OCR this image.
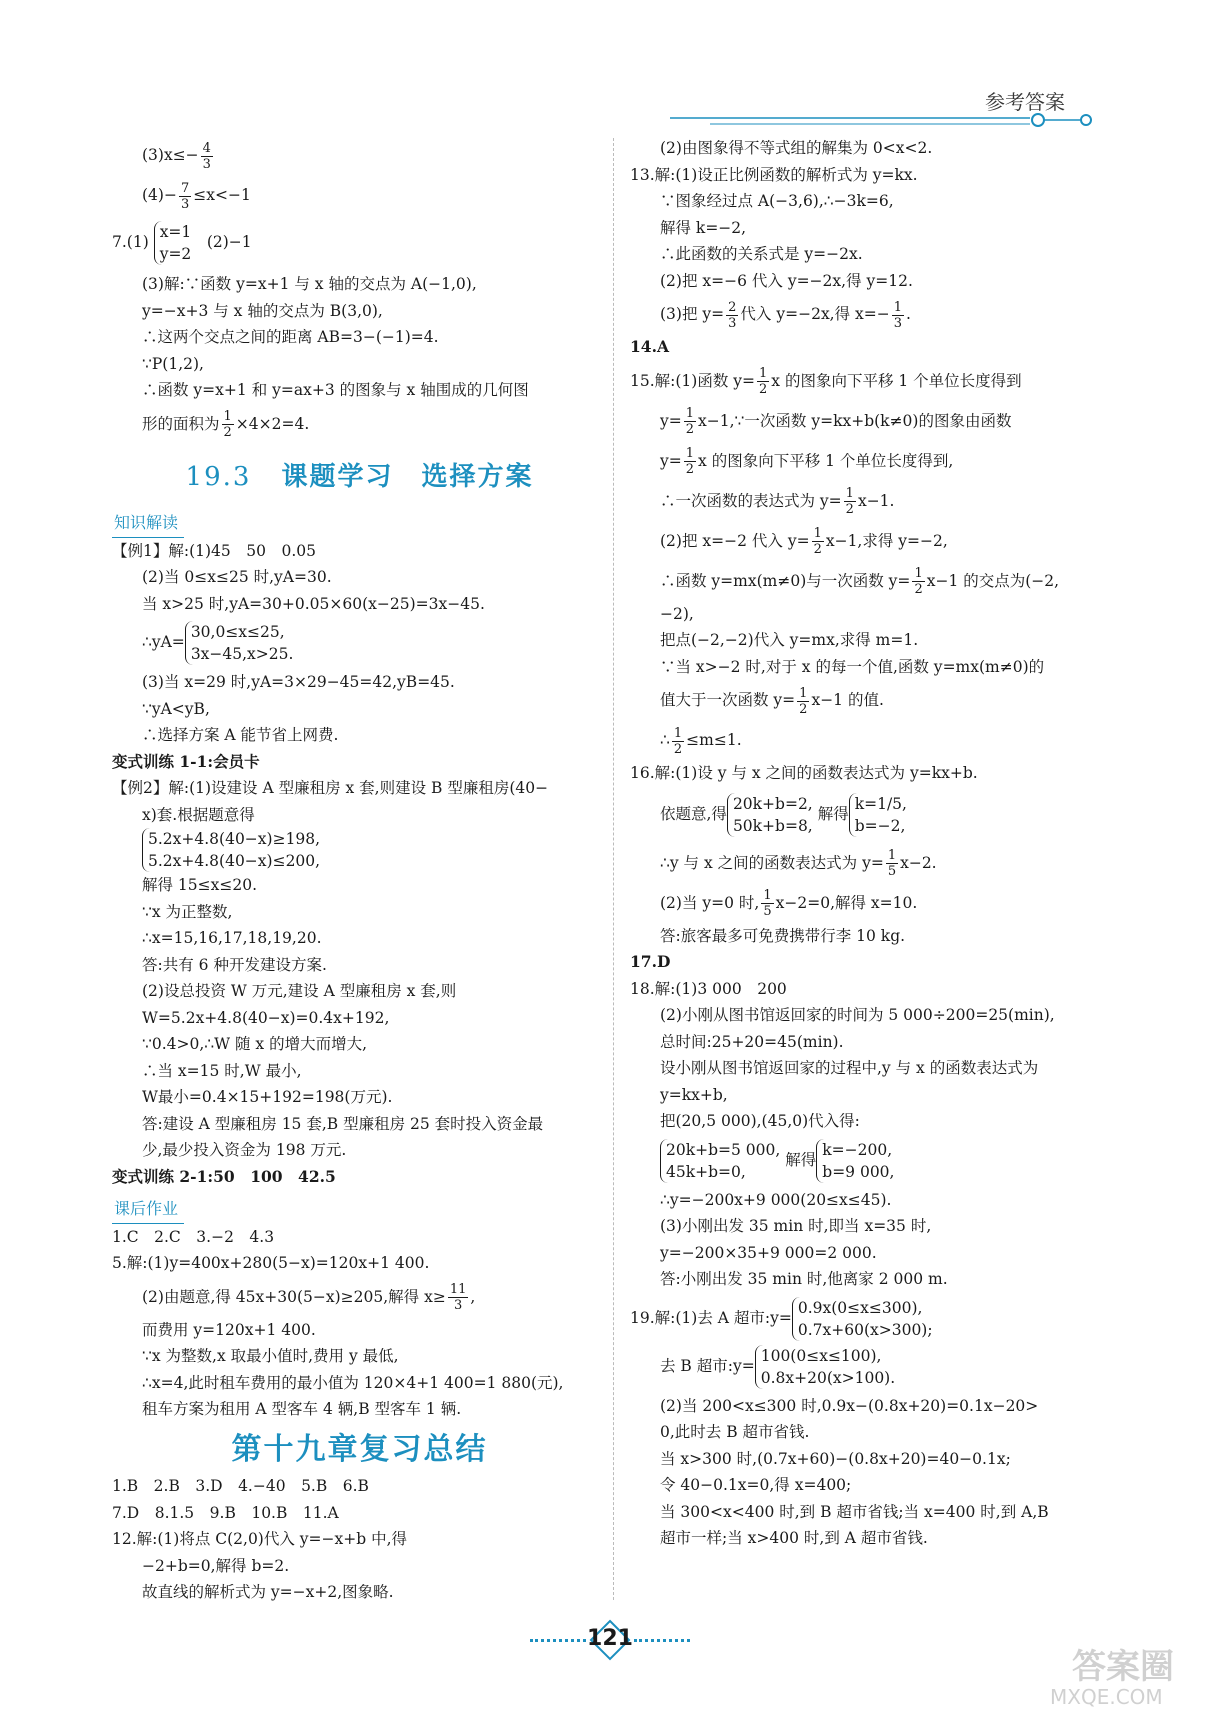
参考答案
$(3)x\le- \frac{4}{3}$
$(4)- \frac{7}{3} \le x<-1$
7.(1)
x=1
y=2
　(2)−1
(3)解:∵函数 y=x+1 与 x 轴的交点为 A(−1,0),
y=−x+3 与 x 轴的交点为 B(3,0),
∴这两个交点之间的距离 AB=3−(−1)=4.
∵P(1,2),
∴函数 y=x+1 和 y=ax+3 的图象与 x 轴围成的几何图
形的面积为 $\frac{1}{2} \times 4\times 2=4$.
19.3 课题学习　选择方案
知识解读
【例1】解:(1)45　50　0.05
(2)当 0≤x≤25 时,yA=30.
当 x>25 时,yA=30+0.05×60(x−25)=3x−45.
∴yA=
30,0≤x≤25,
3x−45,x>25.
(3)当 x=29 时,yA=3×29−45=42,yB=45.
∵yA<yB,
∴选择方案 A 能节省上网费.
变式训练 1-1:会员卡
【例2】解:(1)设建设 A 型廉租房 x 套,则建设 B 型廉租房(40−
x)套.根据题意得
5.2x+4.8(40−x)≥198,
5.2x+4.8(40−x)≤200,
解得 15≤x≤20.
∵x 为正整数,
∴x=15,16,17,18,19,20.
答:共有 6 种开发建设方案.
(2)设总投资 W 万元,建设 A 型廉租房 x 套,则
W=5.2x+4.8(40−x)=0.4x+192,
∵0.4>0,∴W 随 x 的增大而增大,
∴当 x=15 时,W 最小,
W最小=0.4×15+192=198(万元).
答:建设 A 型廉租房 15 套,B 型廉租房 25 套时投入资金最
少,最少投入资金为 198 万元.
变式训练 2-1:50　100　42.5
课后作业
1.C　2.C　3.−2　4.3
5.解:(1)y=400x+280(5−x)=120x+1 400.
(2)由题意,得 45x+30(5−x)≥205,解得 $x\ge \frac{11}{3}$ ,
而费用 y=120x+1 400.
∵x 为整数,x 取最小值时,费用 y 最低,
∴x=4,此时租车费用的最小值为 120×4+1 400=1 880(元),
租车方案为租用 A 型客车 4 辆,B 型客车 1 辆.
第十九章复习总结
1.B　2.B　3.D　4.−40　5.B　6.B
7.D　8.1.5　9.B　10.B　11.A
12.解:(1)将点 C(2,0)代入 y=−x+b 中,得
−2+b=0,解得 b=2.
故直线的解析式为 y=−x+2,图象略.
(2)由图象得不等式组的解集为 0<x<2.
13.解:(1)设正比例函数的解析式为 y=kx.
∵图象经过点 A(−3,6),∴−3k=6,
解得 k=−2,
∴此函数的关系式是 y=−2x.
(2)把 x=−6 代入 y=−2x,得 y=12.
(3)把 $y= \frac{2}{3}$ 代入 y=−2x,得 $x=- \frac{1}{3}$ .
14.A
15.解:(1)函数 $y= \frac{1}{2}$ x 的图象向下平移 1 个单位长度得到
$y= \frac{1}{2}$ x−1,∵一次函数 y=kx+b(k≠0)的图象由函数
$y= \frac{1}{2}$ x 的图象向下平移 1 个单位长度得到,
∴一次函数的表达式为 $y= \frac{1}{2} x-1$.
(2)把 x=−2 代入 $y= \frac{1}{2} x-1$,求得 y=−2,
∴函数 y=mx(m≠0)与一次函数 $y= \frac{1}{2} x-1$ 的交点为(−2,
−2),
把点(−2,−2)代入 y=mx,求得 m=1.
∵当 x>−2 时,对于 x 的每一个值,函数 y=mx(m≠0)的
值大于一次函数 $y= \frac{1}{2} x-1$ 的值.
∴ $\frac{1}{2} \le m\le 1$.
16.解:(1)设 y 与 x 之间的函数表达式为 y=kx+b.
依题意,得
20k+b=2,
50k+b=8,
解得
k=1/5,
b=−2,
∴y 与 x 之间的函数表达式为 $y= \frac{1}{5} x-2$.
(2)当 y=0 时, $\frac{1}{5} x-2=0$,解得 x=10.
答:旅客最多可免费携带行李 10 kg.
17.D
18.解:(1)3 000　200
(2)小刚从图书馆返回家的时间为 5 000÷200=25(min),
总时间:25+20=45(min).
设小刚从图书馆返回家的过程中,y 与 x 的函数表达式为
y=kx+b,
把(20,5 000),(45,0)代入得:
20k+b=5 000,
45k+b=0,
解得
k=−200,
b=9 000,
∴y=−200x+9 000(20≤x≤45).
(3)小刚出发 35 min 时,即当 x=35 时,
y=−200×35+9 000=2 000.
答:小刚出发 35 min 时,他离家 2 000 m.
19.解:(1)去 A 超市:y=
0.9x(0≤x≤300),
0.7x+60(x>300);
去 B 超市:y=
100(0≤x≤100),
0.8x+20(x>100).
(2)当 200<x≤300 时,0.9x−(0.8x+20)=0.1x−20>
0,此时去 B 超市省钱.
当 x>300 时,(0.7x+60)−(0.8x+20)=40−0.1x;
令 40−0.1x=0,得 x=400;
当 300<x<400 时,到 B 超市省钱;当 x=400 时,到 A,B
超市一样;当 x>400 时,到 A 超市省钱.
121
答案圈
MXQE.COM
